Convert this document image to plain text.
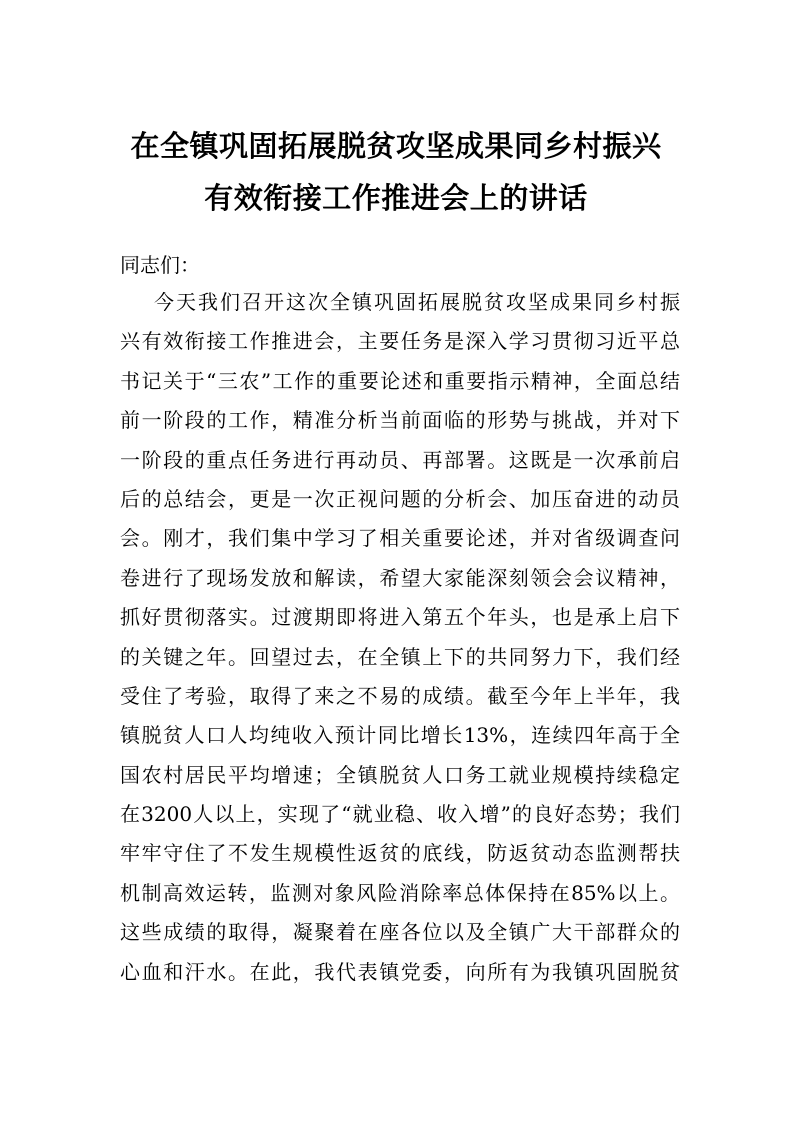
在全镇巩固拓展脱贫攻坚成果同乡村振兴
有效衔接工作推进会上的讲话

同志们：

今天我们召开这次全镇巩固拓展脱贫攻坚成果同乡村振
兴有效衔接工作推进会，主要任务是深入学习贯彻习近平总
书记关于“三农”工作的重要论述和重要指示精神，全面总结
前一阶段的工作，精准分析当前面临的形势与挑战，并对下
一阶段的重点任务进行再动员、再部署。这既是一次承前启
后的总结会，更是一次正视问题的分析会、加压奋进的动员
会。刚才，我们集中学习了相关重要论述，并对省级调查问
卷进行了现场发放和解读，希望大家能深刻领会会议精神，
抓好贯彻落实。过渡期即将进入第五个年头，也是承上启下
的关键之年。回望过去，在全镇上下的共同努力下，我们经
受住了考验，取得了来之不易的成绩。截至今年上半年，我
镇脱贫人口人均纯收入预计同比增长13%，连续四年高于全
国农村居民平均增速；全镇脱贫人口务工就业规模持续稳定
在3200人以上，实现了“就业稳、收入增”的良好态势；我们
牢牢守住了不发生规模性返贫的底线，防返贫动态监测帮扶
机制高效运转，监测对象风险消除率总体保持在85%以上。
这些成绩的取得，凝聚着在座各位以及全镇广大干部群众的
心血和汗水。在此，我代表镇党委，向所有为我镇巩固脱贫
